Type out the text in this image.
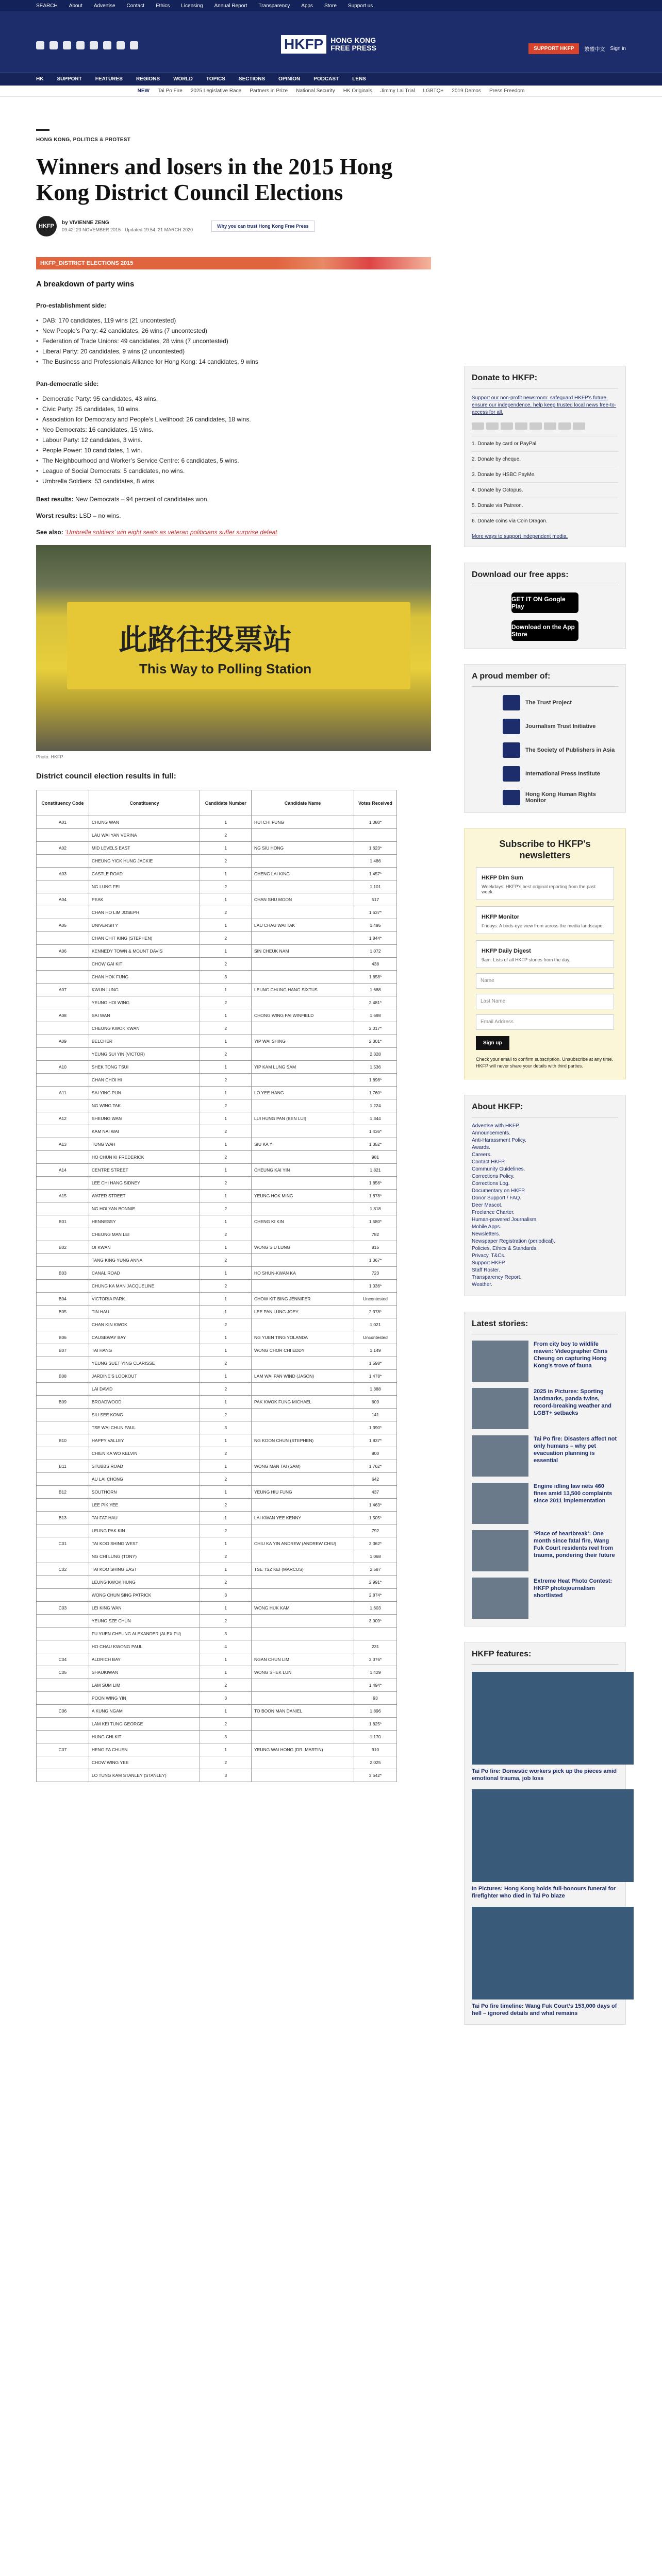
SEARCH About Advertise Contact Ethics Licensing Annual Report Transparency Apps Store Support us
HKFP	HONG KONG
FREE PRESS	SUPPORT HKFP	繁體中文 Sign in
HK	SUPPORT	FEATURES	REGIONS	WORLD	TOPICS	SECTIONS	OPINION	PODCAST	LENS
NEW Tai Po Fire 2025 Legislative Race Partners in Prize National Security HK Originals Jimmy Lai Trial LGBTQ+ 2019 Demos Press Freedom
HONG KONG, POLITICS & PROTEST
Winners and losers in the 2015 Hong Kong District Council Elections
HKFP
by VIVIENNE ZENG
09:42, 23 NOVEMBER 2015 · Updated 19:54, 21 MARCH 2020
Why you can trust Hong Kong Free Press
HKFP_DISTRICT ELECTIONS 2015
A breakdown of party wins
Pro-establishment side:
• DAB: 170 candidates, 119 wins (21 uncontested)
• New People’s Party: 42 candidates, 26 wins (7 uncontested)
• Federation of Trade Unions: 49 candidates, 28 wins (7 uncontested)
• Liberal Party: 20 candidates, 9 wins (2 uncontested)
• The Business and Professionals Alliance for Hong Kong: 14 candidates, 9 wins
Pan-democratic side:
• Democratic Party: 95 candidates, 43 wins.
• Civic Party: 25 candidates, 10 wins.
• Association for Democracy and People’s Livelihood: 26 candidates, 18 wins.
• Neo Democrats: 16 candidates, 15 wins.
• Labour Party: 12 candidates, 3 wins.
• People Power: 10 candidates, 1 win.
• The Neighbourhood and Worker’s Service Centre: 6 candidates, 5 wins.
• League of Social Democrats: 5 candidates, no wins.
• Umbrella Soldiers: 53 candidates, 8 wins.

Best results: New Democrats – 94 percent of candidates won.

Worst results: LSD – no wins.

See also: ‘Umbrella soldiers’ win eight seats as veteran politicians suffer surprise defeat

此路往投票站
This Way to Polling Station
Photo: HKFP
District council election results in full:
Constituency Code	Constituency	Candidate Number	Candidate Name	Votes Received
A01	CHUNG WAN	1	HUI CHI FUNG	1,080*
	LAU WAI YAN VERINA	2		
A02	MID LEVELS EAST	1	NG SIU HONG	1,623*
	CHEUNG YICK HUNG JACKIE	2		1,486
A03	CASTLE ROAD	1	CHENG LAI KING	1,457*
	NG LUNG FEI	2		1,101
A04	PEAK	1	CHAN SHU MOON	517
	CHAN HO LIM JOSEPH	2		1,637*
A05	UNIVERSITY	1	LAU CHAU WAI TAK	1,495
	CHAN CHIT KING (STEPHEN)	2		1,844*
A06	KENNEDY TOWN & MOUNT DAVIS	1	SIN CHEUK NAM	1,072
	CHOW GAI KIT	2		438
	CHAN HOK FUNG	3		1,858*
A07	KWUN LUNG	1	LEUNG CHUNG HANG SIXTUS	1,688
	YEUNG HOI WING	2		2,481*
A08	SAI WAN	1	CHONG WING FAI WINFIELD	1,698
	CHEUNG KWOK KWAN	2		2,017*
A09	BELCHER	1	YIP WAI SHING	2,301*
	YEUNG SUI YIN (VICTOR)	2		2,328
A10	SHEK TONG TSUI	1	YIP KAM LUNG SAM	1,536
	CHAN CHOI HI	2		1,898*
A11	SAI YING PUN	1	LO YEE HANG	1,760*
	NG WING TAK	2		1,224
A12	SHEUNG WAN	1	LUI HUNG PAN (BEN LUI)	1,344
	KAM NAI WAI	2		1,436*
A13	TUNG WAH	1	SIU KA YI	1,352*
	HO CHUN KI FREDERICK	2		981
A14	CENTRE STREET	1	CHEUNG KAI YIN	1,821
	LEE CHI HANG SIDNEY	2		1,856*
A15	WATER STREET	1	YEUNG HOK MING	1,878*
	NG HOI YAN BONNIE	2		1,818
B01	HENNESSY	1	CHENG KI KIN	1,580*
	CHEUNG MAN LEI	2		782
B02	OI KWAN	1	WONG SIU LUNG	815
	TANG KING YUNG ANNA	2		1,367*
B03	CANAL ROAD	1	HO SHUN-KWAN KA	723
	CHUNG KA MAN JACQUELINE	2		1,036*
B04	VICTORIA PARK	1	CHOW KIT BING JENNIFER	Uncontested
B05	TIN HAU	1	LEE PAN LUNG JOEY	2,378*
	CHAN KIN KWOK	2		1,021
B06	CAUSEWAY BAY	1	NG YUEN TING YOLANDA	Uncontested
B07	TAI HANG	1	WONG CHOR CHI EDDY	1,149
	YEUNG SUET YING CLARISSE	2		1,598*
B08	JARDINE’S LOOKOUT	1	LAM WAI PAN WIND (JASON)	1,478*
	LAI DAVID	2		1,388
B09	BROADWOOD	1	PAK KWOK FUNG MICHAEL	609
	SIU SEE KONG	2		141
	TSE WAI CHUN PAUL	3		1,390*
B10	HAPPY VALLEY	1	NG KOON CHUN (STEPHEN)	1,837*
	CHIEN KA WO KELVIN	2		800
B11	STUBBS ROAD	1	WONG MAN TAI (SAM)	1,762*
	AU LAI CHONG	2		642
B12	SOUTHORN	1	YEUNG HIU FUNG	437
	LEE PIK YEE	2		1,463*
B13	TAI FAT HAU	1	LAI KWAN YEE KENNY	1,505*
	LEUNG PAK KIN	2		792
C01	TAI KOO SHING WEST	1	CHIU KA YIN ANDREW (ANDREW CHIU)	3,362*
	NG CHI LUNG (TONY)	2		1,068
C02	TAI KOO SHING EAST	1	TSE TSZ KEI (MARCUS)	2,587
	LEUNG KWOK HUNG	2		2,991*
	WONG CHUN SING PATRICK	3		2,874*
C03	LEI KING WAN	1	WONG HUK KAM	1,603
	YEUNG SZE CHUN	2		3,009*
	FU YUEN CHEUNG ALEXANDER (ALEX FU)	3		
	HO CHAU KWONG PAUL	4		231
C04	ALDRICH BAY	1	NGAN CHUN LIM	3,376*
C05	SHAUKIWAN	1	WONG SHEK LUN	1,429
	LAM SUM LIM	2		1,494*
	POON WING YIN	3		93
C06	A KUNG NGAM	1	TO BOON MAN DANIEL	1,896
	LAM KEI TUNG GEORGE	2		1,825*
	HUNG CHI KIT	3		1,170
C07	HENG FA CHUEN	1	YEUNG WAI HONG (DR. MARTIN)	910
	CHOW WING YEE	2		2,025
	LO TUNG KAM STANLEY (STANLEY)	3		3,642*
Donate to HKFP:

Support our non-profit newsroom: safeguard HKFP's future, ensure our independence, help keep trusted local news free-to-access for all.

1. Donate by card or PayPal.
2. Donate by cheque.
3. Donate by HSBC PayMe.
4. Donate by Octopus.
5. Donate via Patreon.
6. Donate coins via Coin Dragon.
More ways to support independent media.
Download our free apps:
GET IT ON Google Play
Download on the App Store
A proud member of:
The Trust Project
Journalism Trust Initiative
The Society of Publishers in Asia
International Press Institute
Hong Kong Human Rights Monitor
Subscribe to HKFP's newsletters
HKFP Dim Sum
Weekdays: HKFP's best original reporting from the past week.
HKFP Monitor
Fridays: A birds-eye view from across the media landscape.
HKFP Daily Digest
9am: Lists of all HKFP stories from the day.
Name
Last Name
Email Address
Sign up
Check your email to confirm subscription. Unsubscribe at any time. HKFP will never share your details with third parties.
About HKFP:
Advertise with HKFP.
Announcements.
Anti-Harassment Policy.
Awards.
Careers.
Contact HKFP.
Community Guidelines.
Corrections Policy.
Corrections Log.
Documentary on HKFP.
Donor Support / FAQ.
Deer Mascot.
Freelance Charter.
Human-powered Journalism.
Mobile Apps.
Newsletters.
Newspaper Registration (periodical).
Policies, Ethics & Standards.
Privacy, T&Cs.
Support HKFP.
Staff Roster.
Transparency Report.
Weather.
Latest stories:
From city boy to wildlife maven: Videographer Chris Cheung on capturing Hong Kong’s trove of fauna
2025 in Pictures: Sporting landmarks, panda twins, record-breaking weather and LGBT+ setbacks
Tai Po fire: Disasters affect not only humans – why pet evacuation planning is essential
Engine idling law nets 460 fines amid 13,500 complaints since 2011 implementation
‘Place of heartbreak’: One month since fatal fire, Wang Fuk Court residents reel from trauma, pondering their future
Extreme Heat Photo Contest: HKFP photojournalism shortlisted
HKFP features:
Tai Po fire: Domestic workers pick up the pieces amid emotional trauma, job loss
In Pictures: Hong Kong holds full-honours funeral for firefighter who died in Tai Po blaze
Tai Po fire timeline: Wang Fuk Court’s 153,000 days of hell – ignored details and what remains
